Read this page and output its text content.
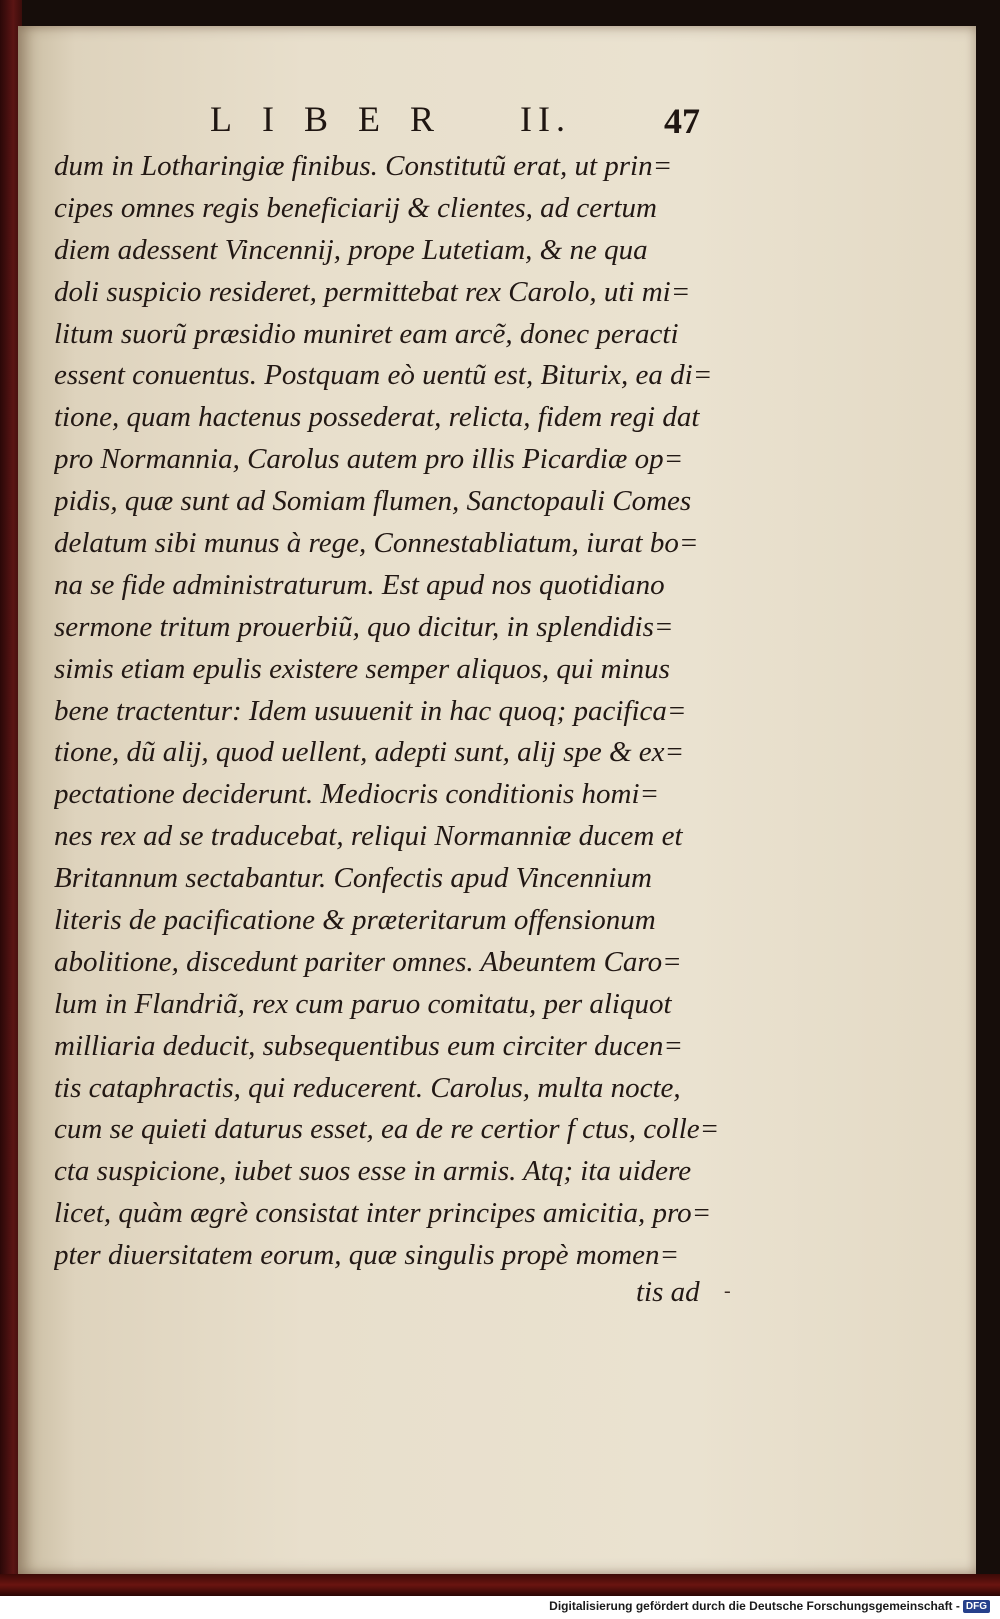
LIBER II.	47
dum in Lotharingiæ finibus. Constitutũ erat, ut prin=
cipes omnes regis beneficiarij & clientes, ad certum
diem adessent Vincennij, prope Lutetiam, & ne qua
doli suspicio resideret, permittebat rex Carolo, uti mi=
litum suorũ præsidio muniret eam arcẽ, donec peracti
essent conuentus. Postquam eò uentũ est, Biturix, ea di=
tione, quam hactenus possederat, relicta, fidem regi dat
pro Normannia, Carolus autem pro illis Picardiæ op=
pidis, quæ sunt ad Somiam flumen, Sanctopauli Comes
delatum sibi munus à rege, Connestabliatum, iurat bo=
na se fide administraturum. Est apud nos quotidiano
sermone tritum prouerbiũ, quo dicitur, in splendidis=
simis etiam epulis existere semper aliquos, qui minus
bene tractentur: Idem usuuenit in hac quoq; pacifica=
tione, dũ alij, quod uellent, adepti sunt, alij spe & ex=
pectatione deciderunt. Mediocris conditionis homi=
nes rex ad se traducebat, reliqui Normanniæ ducem et
Britannum sectabantur. Confectis apud Vincennium
literis de pacificatione & præteritarum offensionum
abolitione, discedunt pariter omnes. Abeuntem Caro=
lum in Flandriã, rex cum paruo comitatu, per aliquot
milliaria deducit, subsequentibus eum circiter ducen=
tis cataphractis, qui reducerent. Carolus, multa nocte,
cum se quieti daturus esset, ea de re certior f ctus, colle=
cta suspicione, iubet suos esse in armis. Atq; ita uidere
licet, quàm ægrè consistat inter principes amicitia, pro=
pter diuersitatem eorum, quæ singulis propè momen=
tis ad -
Digitalisierung gefördert durch die Deutsche Forschungsgemeinschaft - DFG
